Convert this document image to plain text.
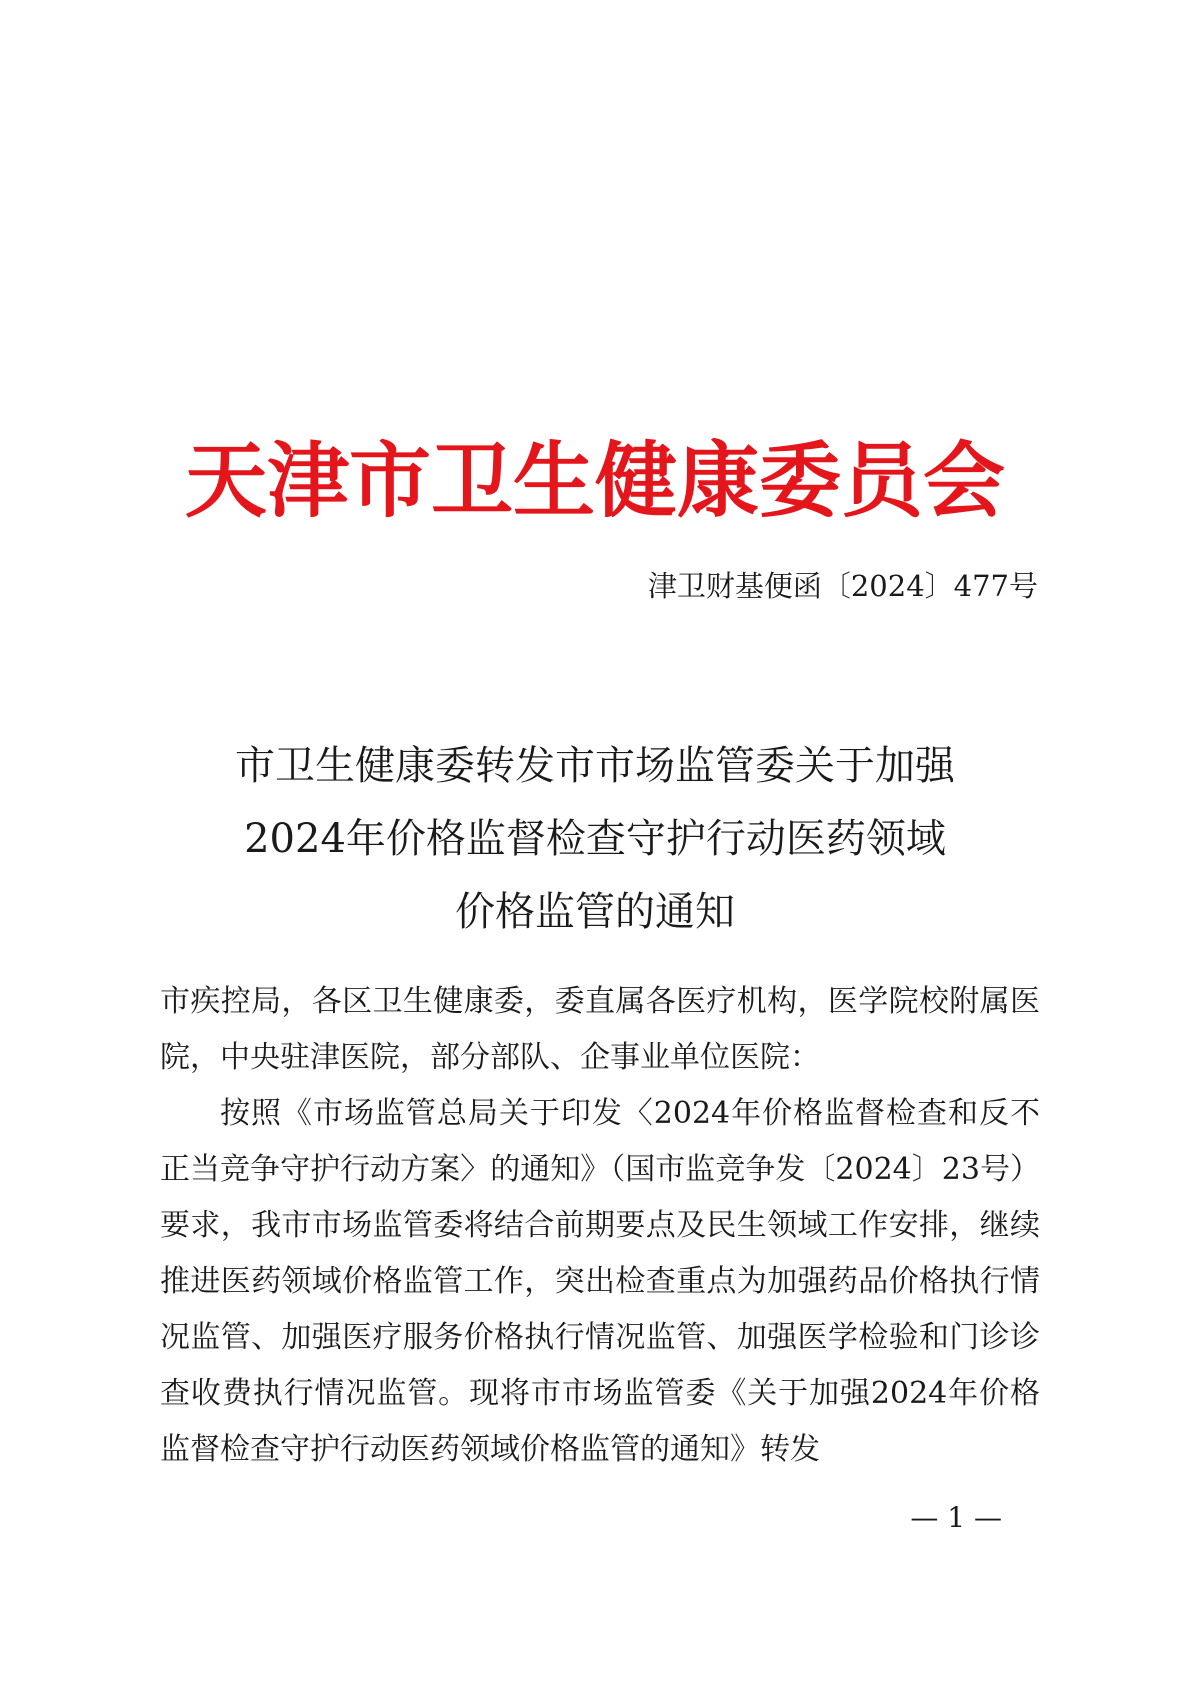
天津市卫生健康委员会
津卫财基便函〔2024〕477号
市卫生健康委转发市市场监管委关于加强
2024年价格监督检查守护行动医药领域
价格监管的通知

市疾控局，各区卫生健康委，委直属各医疗机构，医学院校附属医院，中央驻津医院，部分部队、企事业单位医院：

按照《市场监管总局关于印发〈2024年价格监督检查和反不正当竞争守护行动方案〉的通知》（国市监竞争发〔2024〕23号）要求，我市市场监管委将结合前期要点及民生领域工作安排，继续推进医药领域价格监管工作，突出检查重点为加强药品价格执行情况监管、加强医疗服务价格执行情况监管、加强医学检验和门诊诊查收费执行情况监管。现将市市场监管委《关于加强2024年价格监督检查守护行动医药领域价格监管的通知》转发

— 1 —
